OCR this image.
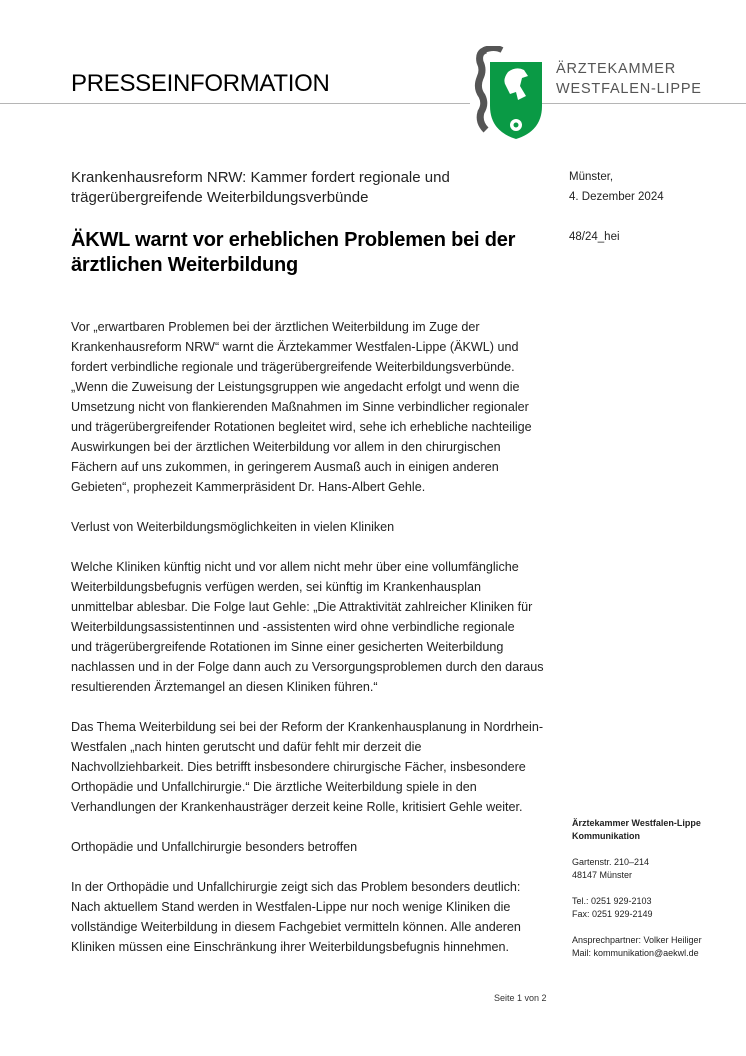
PRESSEINFORMATION
ÄRZTEKAMMER
WESTFALEN-LIPPE
Krankenhausreform NRW: Kammer fordert regionale und
trägerübergreifende Weiterbildungsverbünde
ÄKWL warnt vor erheblichen Problemen bei der
ärztlichen Weiterbildung
Münster,
4. Dezember 2024
48/24_hei
Vor „erwartbaren Problemen bei der ärztlichen Weiterbildung im Zuge der
Krankenhausreform NRW“ warnt die Ärztekammer Westfalen-Lippe (ÄKWL) und
fordert verbindliche regionale und trägerübergreifende Weiterbildungsverbünde.
„Wenn die Zuweisung der Leistungsgruppen wie angedacht erfolgt und wenn die
Umsetzung nicht von flankierenden Maßnahmen im Sinne verbindlicher regionaler
und trägerübergreifender Rotationen begleitet wird, sehe ich erhebliche nachteilige
Auswirkungen bei der ärztlichen Weiterbildung vor allem in den chirurgischen
Fächern auf uns zukommen, in geringerem Ausmaß auch in einigen anderen
Gebieten“, prophezeit Kammerpräsident Dr. Hans-Albert Gehle.
Verlust von Weiterbildungsmöglichkeiten in vielen Kliniken
Welche Kliniken künftig nicht und vor allem nicht mehr über eine vollumfängliche
Weiterbildungsbefugnis verfügen werden, sei künftig im Krankenhausplan
unmittelbar ablesbar. Die Folge laut Gehle: „Die Attraktivität zahlreicher Kliniken für
Weiterbildungsassistentinnen und -assistenten wird ohne verbindliche regionale
und trägerübergreifende Rotationen im Sinne einer gesicherten Weiterbildung
nachlassen und in der Folge dann auch zu Versorgungsproblemen durch den daraus
resultierenden Ärztemangel an diesen Kliniken führen.“
Das Thema Weiterbildung sei bei der Reform der Krankenhausplanung in Nordrhein-
Westfalen „nach hinten gerutscht und dafür fehlt mir derzeit die
Nachvollziehbarkeit. Dies betrifft insbesondere chirurgische Fächer, insbesondere
Orthopädie und Unfallchirurgie.“ Die ärztliche Weiterbildung spiele in den
Verhandlungen der Krankenhausträger derzeit keine Rolle, kritisiert Gehle weiter.
Orthopädie und Unfallchirurgie besonders betroffen
In der Orthopädie und Unfallchirurgie zeigt sich das Problem besonders deutlich:
Nach aktuellem Stand werden in Westfalen-Lippe nur noch wenige Kliniken die
vollständige Weiterbildung in diesem Fachgebiet vermitteln können. Alle anderen
Kliniken müssen eine Einschränkung ihrer Weiterbildungsbefugnis hinnehmen.
Ärztekammer Westfalen-Lippe
Kommunikation
Gartenstr. 210–214
48147 Münster
Tel.: 0251 929-2103
Fax: 0251 929-2149
Ansprechpartner: Volker Heiliger
Mail: kommunikation@aekwl.de
Seite 1 von 2
